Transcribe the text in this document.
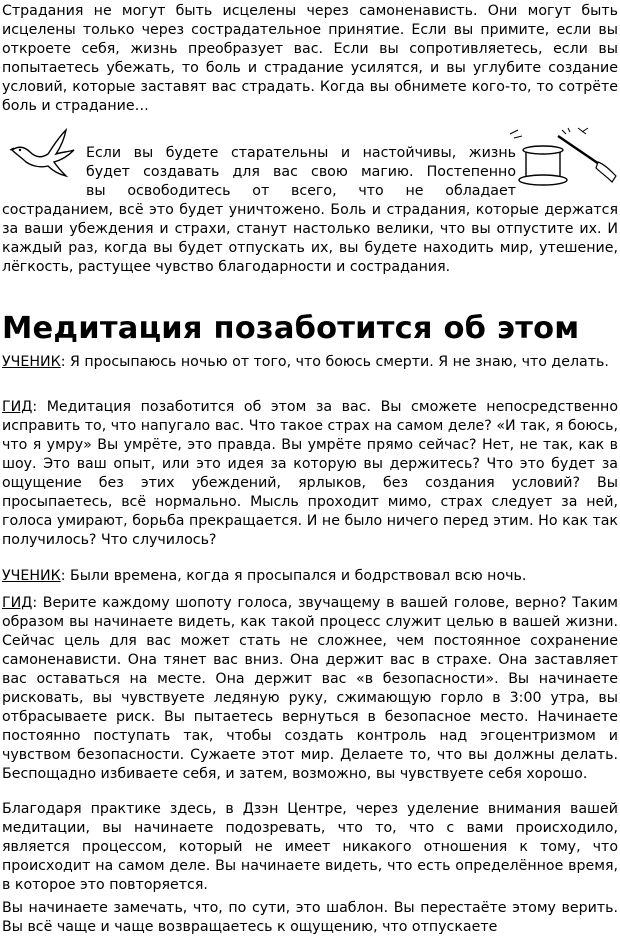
Страдания не могут быть исцелены через самоненависть. Они могут быть исцелены только через сострадательное принятие. Если вы примите, если вы откроете себя, жизнь преобразует вас. Если вы сопротивляетесь, если вы попытаетесь убежать, то боль и страдание усилятся, и вы углубите создание условий, которые заставят вас страдать. Когда вы обнимете кого-то, то сотрёте боль и страдание…

Если вы будете старательны и настойчивы, жизнь
будет создавать для вас свою магию. Постепенно
вы освободитесь от всего, что не обладает
состраданием, всё это будет уничтожено. Боль и страдания, которые держатся за ваши убеждения и страхи, станут настолько велики, что вы отпустите их. И каждый раз, когда вы будет отпускать их, вы будете находить мир, утешение, лёгкость, растущее чувство благодарности и сострадания.

Медитация позаботится об этом

УЧЕНИК: Я просыпаюсь ночью от того, что боюсь смерти. Я не знаю, что делать.

ГИД: Медитация позаботится об этом за вас. Вы сможете непосредственно исправить то, что напугало вас. Что такое страх на самом деле? «И так, я боюсь, что я умру» Вы умрёте, это правда. Вы умрёте прямо сейчас? Нет, не так, как в шоу. Это ваш опыт, или это идея за которую вы держитесь? Что это будет за ощущение без этих убеждений, ярлыков, без создания условий? Вы просыпаетесь, всё нормально. Мысль проходит мимо, страх следует за ней, голоса умирают, борьба прекращается. И не было ничего перед этим. Но как так получилось? Что случилось?

УЧЕНИК: Были времена, когда я просыпался и бодрствовал всю ночь.

ГИД: Верите каждому шопоту голоса, звучащему в вашей голове, верно? Таким образом вы начинаете видеть, как такой процесс служит целью в вашей жизни. Сейчас цель для вас может стать не сложнее, чем постоянное сохранение самоненависти. Она тянет вас вниз. Она держит вас в страхе. Она заставляет вас оставаться на месте. Она держит вас «в безопасности». Вы начинаете рисковать, вы чувствуете ледяную руку, сжимающую горло в 3:00 утра, вы отбрасываете риск. Вы пытаетесь вернуться в безопасное место. Начинаете постоянно поступать так, чтобы создать контроль над эгоцентризмом и чувством безопасности. Сужаете этот мир. Делаете то, что вы должны делать. Беспощадно избиваете себя, и затем, возможно, вы чувствуете себя хорошо.

Благодаря практике здесь, в Дзэн Центре, через уделение внимания вашей медитации, вы начинаете подозревать, что то, что с вами происходило, является процессом, который не имеет никакого отношения к тому, что происходит на самом деле. Вы начинаете видеть, что есть определённое время, в которое это повторяется.

Вы начинаете замечать, что, по сути, это шаблон. Вы перестаёте этому верить. Вы всё чаще и чаще возвращаетесь к ощущению, что отпускаете
